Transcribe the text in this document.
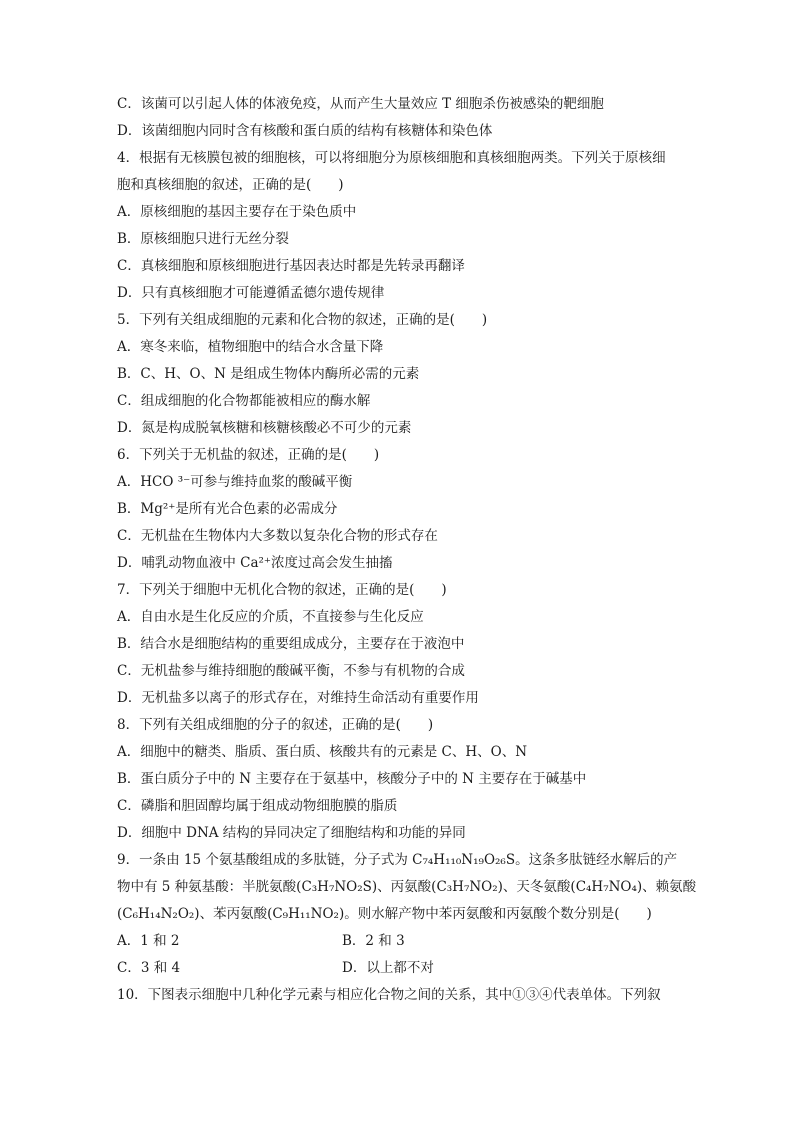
C．该菌可以引起人体的体液免疫，从而产生大量效应 T 细胞杀伤被感染的靶细胞
D．该菌细胞内同时含有核酸和蛋白质的结构有核糖体和染色体
4．根据有无核膜包被的细胞核，可以将细胞分为原核细胞和真核细胞两类。下列关于原核细
胞和真核细胞的叙述，正确的是(　　)
A．原核细胞的基因主要存在于染色质中
B．原核细胞只进行无丝分裂
C．真核细胞和原核细胞进行基因表达时都是先转录再翻译
D．只有真核细胞才可能遵循孟德尔遗传规律
5．下列有关组成细胞的元素和化合物的叙述，正确的是(　　)
A．寒冬来临，植物细胞中的结合水含量下降
B．C、H、O、N 是组成生物体内酶所必需的元素
C．组成细胞的化合物都能被相应的酶水解
D．氮是构成脱氧核糖和核糖核酸必不可少的元素
6．下列关于无机盐的叙述，正确的是(　　)
A．HCO ³⁻可参与维持血浆的酸碱平衡
B．Mg²⁺是所有光合色素的必需成分
C．无机盐在生物体内大多数以复杂化合物的形式存在
D．哺乳动物血液中 Ca²⁺浓度过高会发生抽搐
7．下列关于细胞中无机化合物的叙述，正确的是(　　)
A．自由水是生化反应的介质，不直接参与生化反应
B．结合水是细胞结构的重要组成成分，主要存在于液泡中
C．无机盐参与维持细胞的酸碱平衡，不参与有机物的合成
D．无机盐多以离子的形式存在，对维持生命活动有重要作用
8．下列有关组成细胞的分子的叙述，正确的是(　　)
A．细胞中的糖类、脂质、蛋白质、核酸共有的元素是 C、H、O、N
B．蛋白质分子中的 N 主要存在于氨基中，核酸分子中的 N 主要存在于碱基中
C．磷脂和胆固醇均属于组成动物细胞膜的脂质
D．细胞中 DNA 结构的异同决定了细胞结构和功能的异同
9．一条由 15 个氨基酸组成的多肽链，分子式为 C₇₄H₁₁₀N₁₉O₂₆S。这条多肽链经水解后的产
物中有 5 种氨基酸：半胱氨酸(C₃H₇NO₂S)、丙氨酸(C₃H₇NO₂)、天冬氨酸(C₄H₇NO₄)、赖氨酸
(C₆H₁₄N₂O₂)、苯丙氨酸(C₉H₁₁NO₂)。则水解产物中苯丙氨酸和丙氨酸个数分别是(　　)
A．1 和 2	B．2 和 3
C．3 和 4	D．以上都不对
10．下图表示细胞中几种化学元素与相应化合物之间的关系，其中①③④代表单体。下列叙
